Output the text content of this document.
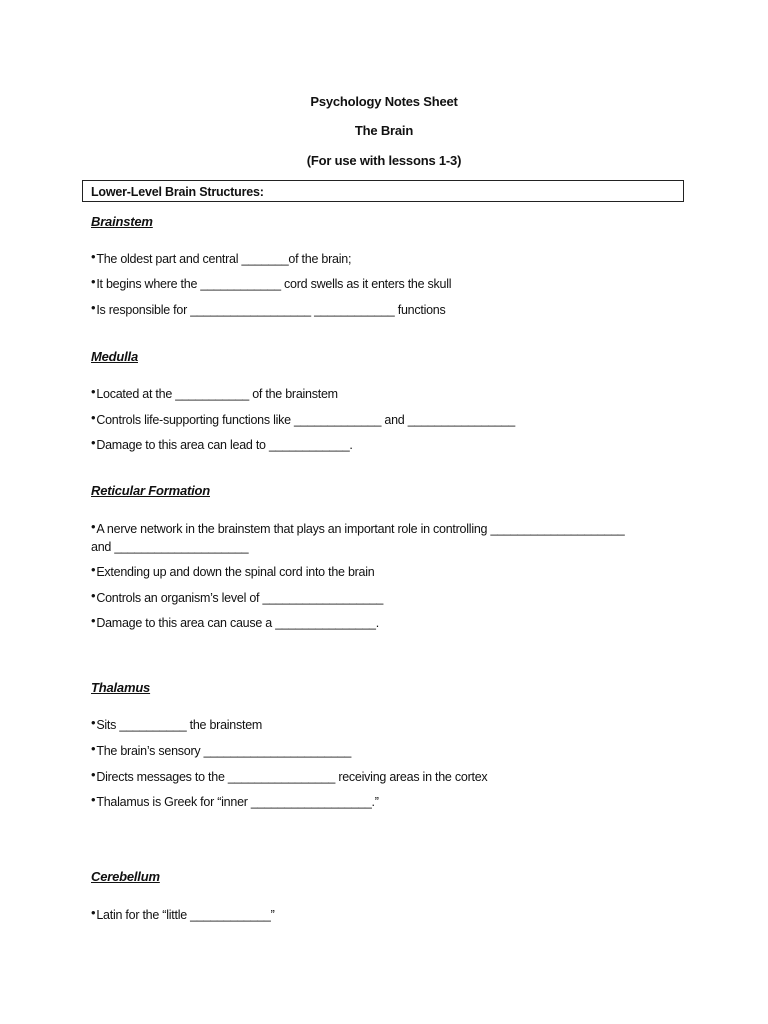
Psychology Notes Sheet
The Brain
(For use with lessons 1-3)
Lower-Level Brain Structures:
Brainstem
• The oldest part and central _______of the brain;
• It begins where the ____________ cord swells as it enters the skull
• Is responsible for __________________ ____________ functions
Medulla
• Located at the ___________ of the brainstem
• Controls life-supporting functions like _____________ and ________________
• Damage to this area can lead to ____________.
Reticular Formation
• A nerve network in the brainstem that plays an important role in controlling ____________________
and ____________________
• Extending up and down the spinal cord into the brain
• Controls an organism’s level of __________________
• Damage to this area can cause a _______________.
Thalamus
• Sits __________ the brainstem
• The brain’s sensory ______________________
• Directs messages to the ________________ receiving areas in the cortex
• Thalamus is Greek for “inner __________________.”
Cerebellum
• Latin for the “little ____________”
